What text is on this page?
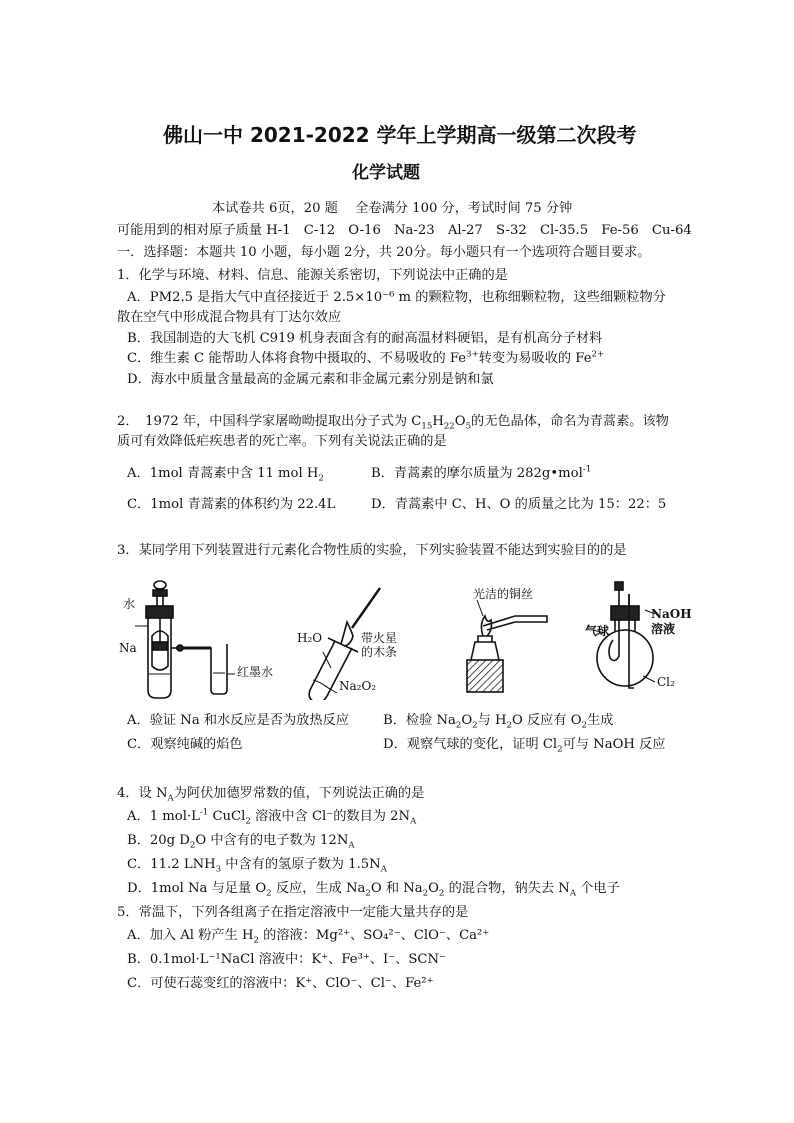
佛山一中 2021-2022 学年上学期高一级第二次段考
化学试题
本试卷共 6页，20 题　 全卷满分 100 分，考试时间 75 分钟
可能用到的相对原子质量 H-1　C-12　O-16　Na-23　Al-27　S-32　Cl-35.5　Fe-56　Cu-64
一．选择题：本题共 10 小题，每小题 2分，共 20分。每小题只有一个选项符合题目要求。
1．化学与环境、材料、信息、能源关系密切，下列说法中正确的是
A．PM2.5 是指大气中直径接近于 2.5×10⁻⁶ m 的颗粒物，也称细颗粒物，这些细颗粒物分
散在空气中形成混合物具有丁达尔效应
B．我国制造的大飞机 C919 机身表面含有的耐高温材料硬铝，是有机高分子材料
C．维生素 C 能帮助人体将食物中摄取的、不易吸收的 $Fe^{3+}$转变为易吸收的 $Fe^{2+}$
D．海水中质量含量最高的金属元素和非金属元素分别是钠和氯
2．　1972 年，中国科学家屠呦呦提取出分子式为 $C_{15}H_{22}O_5$的无色晶体，命名为青蒿素。该物
质可有效降低疟疾患者的死亡率。下列有关说法正确的是
A．1mol 青蒿素中含 11 mol $H_2$	B．青蒿素的摩尔质量为 282g•mol$^{-1}$
C．1mol 青蒿素的体积约为 22.4L	D．青蒿素中 C、H、O 的质量之比为 15：22：5
3．某同学用下列装置进行元素化合物性质的实验，下列实验装置不能达到实验目的的是
水
Na
红墨水
H₂O	带火星
的木条
Na₂O₂
光洁的铜丝
NaOH
溶液
气球
Cl₂
A．验证 Na 和水反应是否为放热反应	B．检验 $Na_2O_2$与 $H_2O$ 反应有 $O_2$生成
C．观察纯碱的焰色	D．观察气球的变化，证明 $Cl_2$可与 NaOH 反应
4．设 $N_A$为阿伏加德罗常数的值，下列说法正确的是
A．1 $mol\cdot L^{-1}$ CuCl$_2$ 溶液中含 Cl⁻的数目为 $2N_A$
B．20g $D_2O$ 中含有的电子数为 $12N_A$
C．11.2 $LNH_3$ 中含有的氢原子数为 $1.5N_A$
D．1mol Na 与足量 $O_2$ 反应，生成 $Na_2O$ 和 $Na_2O_2$ 的混合物，钠失去 $N_A$ 个电子
5．常温下，下列各组离子在指定溶液中一定能大量共存的是
A．加入 Al 粉产生 $H_2$ 的溶液：Mg²⁺、SO₄²⁻、ClO⁻、Ca²⁺
B．0.1mol·L⁻¹NaCl 溶液中：K⁺、Fe³⁺、I⁻、SCN⁻
C．可使石蕊变红的溶液中：K⁺、ClO⁻、Cl⁻、Fe²⁺
